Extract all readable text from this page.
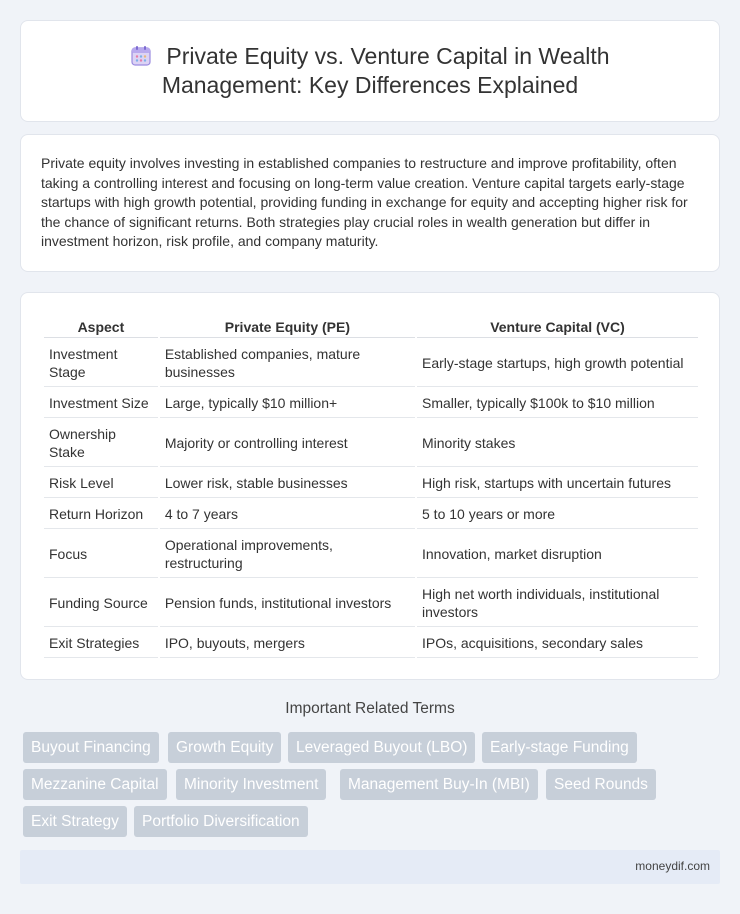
Private Equity vs. Venture Capital in Wealth Management: Key Differences Explained

Private equity involves investing in established companies to restructure and improve profitability, often taking a controlling interest and focusing on long-term value creation. Venture capital targets early-stage startups with high growth potential, providing funding in exchange for equity and accepting higher risk for the chance of significant returns. Both strategies play crucial roles in wealth generation but differ in investment horizon, risk profile, and company maturity.

Aspect	Private Equity (PE)	Venture Capital (VC)
Investment Stage	Established companies, mature businesses	Early-stage startups, high growth potential
Investment Size	Large, typically $10 million+	Smaller, typically $100k to $10 million
Ownership Stake	Majority or controlling interest	Minority stakes
Risk Level	Lower risk, stable businesses	High risk, startups with uncertain futures
Return Horizon	4 to 7 years	5 to 10 years or more
Focus	Operational improvements, restructuring	Innovation, market disruption
Funding Source	Pension funds, institutional investors	High net worth individuals, institutional investors
Exit Strategies	IPO, buyouts, mergers	IPOs, acquisitions, secondary sales
Important Related Terms
Buyout Financing	Growth Equity	Leveraged Buyout (LBO)	Early-stage Funding
Mezzanine Capital	Minority Investment	Management Buy-In (MBI)	Seed Rounds
Exit Strategy	Portfolio Diversification
moneydif.com
